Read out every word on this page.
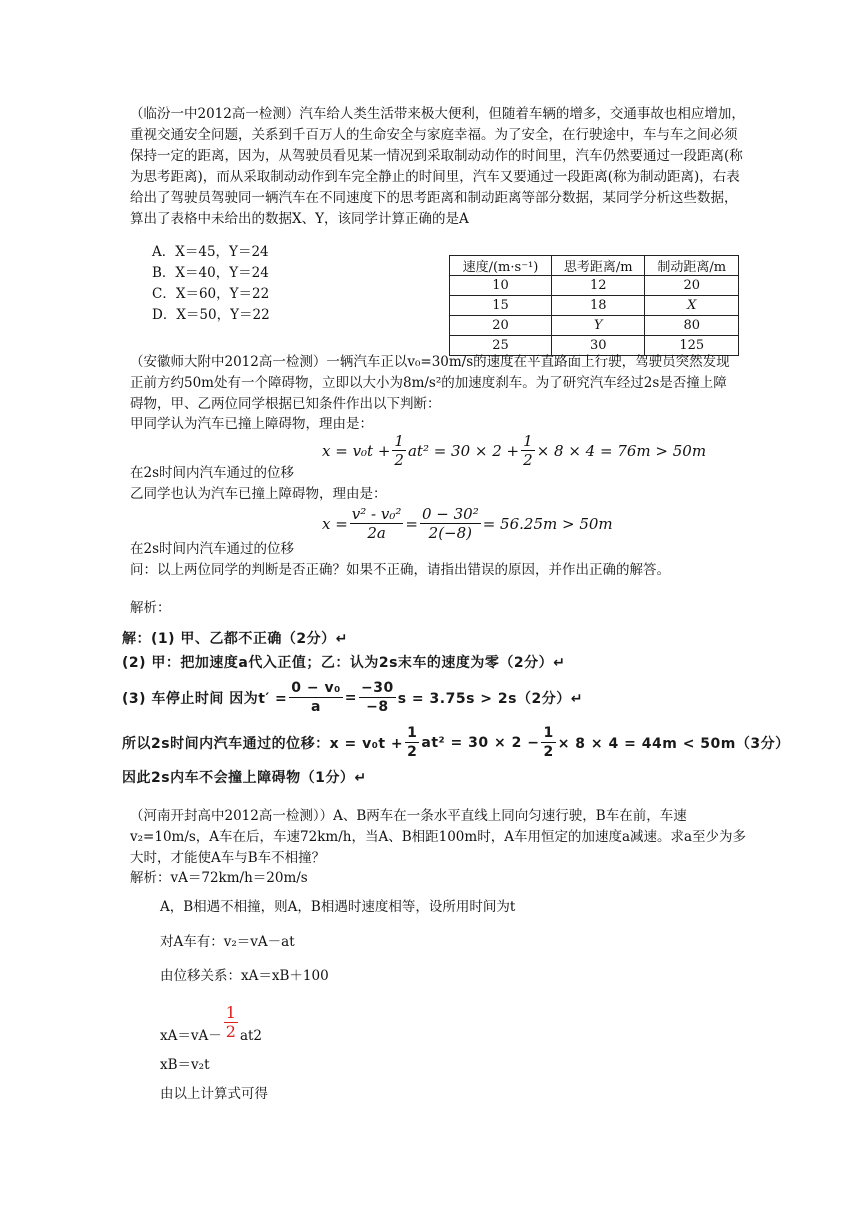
（临汾一中2012高一检测）汽车给人类生活带来极大便利，但随着车辆的增多，交通事故也相应增加，重视交通安全问题，关系到千百万人的生命安全与家庭幸福。为了安全，在行驶途中，车与车之间必须保持一定的距离，因为，从驾驶员看见某一情况到采取制动动作的时间里，汽车仍然要通过一段距离(称为思考距离)，而从采取制动动作到车完全静止的时间里，汽车又要通过一段距离(称为制动距离)，右表给出了驾驶员驾驶同一辆汽车在不同速度下的思考距离和制动距离等部分数据，某同学分析这些数据，算出了表格中未给出的数据X、Y，该同学计算正确的是A
A．X＝45，Y＝24
B．X＝40，Y＝24
C．X＝60，Y＝22
D．X＝50，Y＝22
速度/(m·s⁻¹)	思考距离/m	制动距离/m
10	12	20
15	18	X
20	Y	80
25	30	125
（安徽师大附中2012高一检测）一辆汽车正以v₀=30m/s的速度在平直路面上行驶，驾驶员突然发现正前方约50m处有一个障碍物，立即以大小为8m/s²的加速度刹车。为了研究汽车经过2s是否撞上障碍物，甲、乙两位同学根据已知条件作出以下判断：
甲同学认为汽车已撞上障碍物，理由是：
$x = v_0t + \frac{1}{2} at^2 = 30 \times 2 + \frac{1}{2} \times 8 \times 4 = 76m > 50m$
在2s时间内汽车通过的位移
乙同学也认为汽车已撞上障碍物，理由是：
$x = \frac{\text{v² - v₀²}}{2a} = \frac{\text{0 − 30²}}{2(-8)} = 56.25m > 50m$
在2s时间内汽车通过的位移
问：以上两位同学的判断是否正确？如果不正确，请指出错误的原因，并作出正确的解答。
解析：
解：(1) 甲、乙都不正确（2分）↵
(2) 甲：把加速度a代入正值；乙：认为2s末车的速度为零（2分）↵
(3) 车停止时间 因为$t' = \frac{\text{0 − v₀}}{a} = \frac{-30}{-8}$ s = 3.75s > 2s（2分）↵
所以2s时间内汽车通过的位移：$x = v_0t + \frac{1}{2} at^2 = 30 \times 2 - \frac{1}{2} \times 8 \times 4 = 44m < 50m(3$分）
因此2s内车不会撞上障碍物（1分）↵
（河南开封高中2012高一检测））A、B两车在一条水平直线上同向匀速行驶，B车在前，车速v₂=10m/s，A车在后，车速72km/h，当A、B相距100m时，A车用恒定的加速度a减速。求a至少为多大时，才能使A车与B车不相撞？
解析：vA＝72km/h＝20m/s
A，B相遇不相撞，则A，B相遇时速度相等，设所用时间为t
对A车有：v₂＝vA－at
由位移关系：xA＝xB＋100
$xA=vA- \frac{1}{2} at2$
xB＝v₂t
由以上计算式可得
